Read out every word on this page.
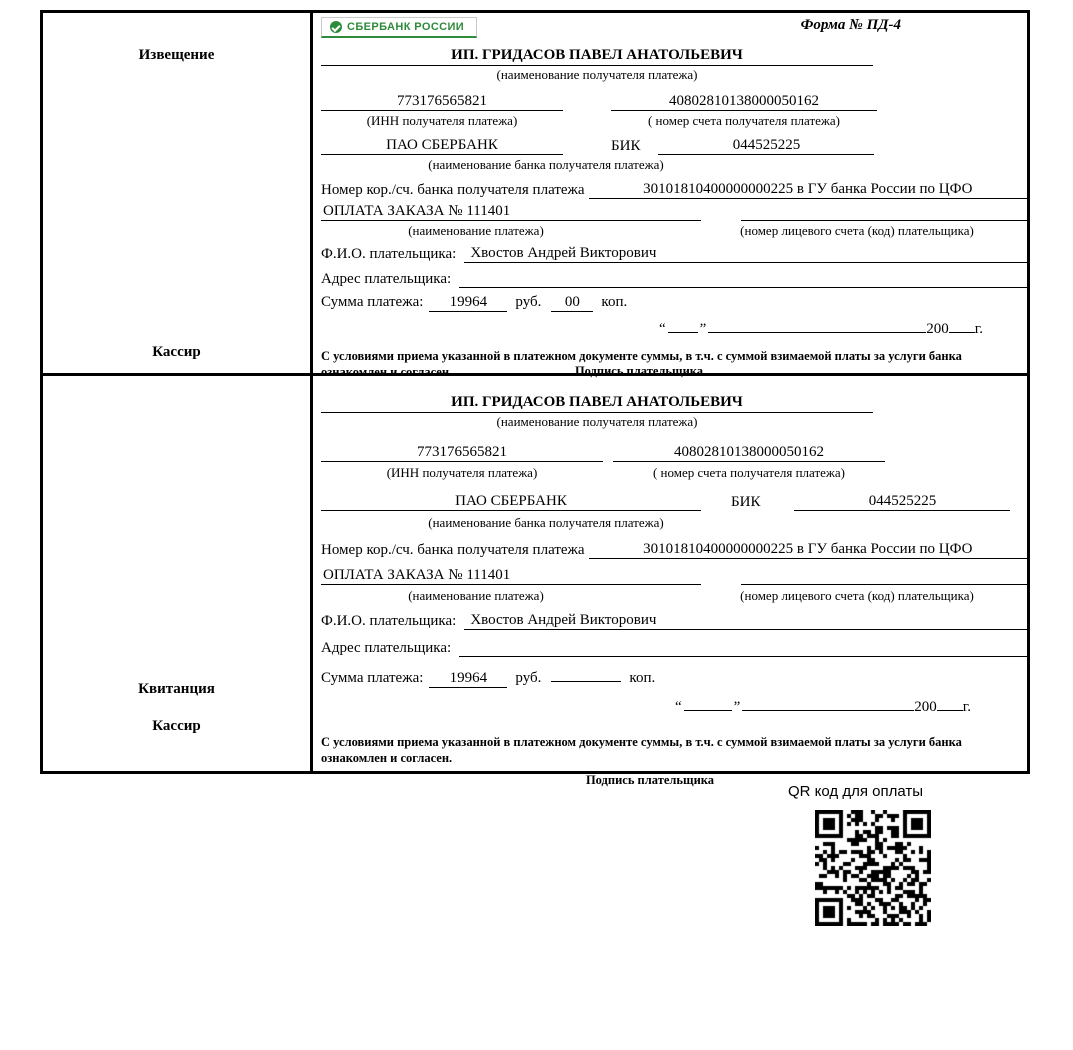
Извещение
Кассир
СБЕРБАНК РОССИИ	Форма № ПД-4
ИП. ГРИДАСОВ ПАВЕЛ АНАТОЛЬЕВИЧ
(наименование получателя платежа)
773176565821	40802810138000050162
(ИНН получателя платежа)	( номер счета получателя платежа)
ПАО СБЕРБАНК	БИК	044525225
(наименование банка получателя платежа)
Номер кор./сч. банка получателя платежа	30101810400000000225 в ГУ банка России по ЦФО
ОПЛАТА ЗАКАЗА № 111401
(наименование платежа)	(номер лицевого счета (код) плательщика)
Ф.И.О. плательщика: Хвостов Андрей Викторович
Адрес плательщика:
Сумма платежа:	19964	руб.	00	коп.
“ ”	200 г.
С условиями приема указанной в платежном документе суммы, в т.ч. с суммой взимаемой платы за услуги банка ознакомлен и согласен.	Подпись плательщика
Квитанция
Кассир
ИП. ГРИДАСОВ ПАВЕЛ АНАТОЛЬЕВИЧ
(наименование получателя платежа)
773176565821	40802810138000050162
(ИНН получателя платежа)	( номер счета получателя платежа)
ПАО СБЕРБАНК	БИК	044525225
(наименование банка получателя платежа)
Номер кор./сч. банка получателя платежа	30101810400000000225 в ГУ банка России по ЦФО
ОПЛАТА ЗАКАЗА № 111401
(наименование платежа)	(номер лицевого счета (код) плательщика)
Ф.И.О. плательщика: Хвостов Андрей Викторович
Адрес плательщика:
Сумма платежа:	19964	руб.	коп.
“	”	200 г.
С условиями приема указанной в платежном документе суммы, в т.ч. с суммой взимаемой платы за услуги банка ознакомлен и согласен.
Подпись плательщика
QR код для оплаты
